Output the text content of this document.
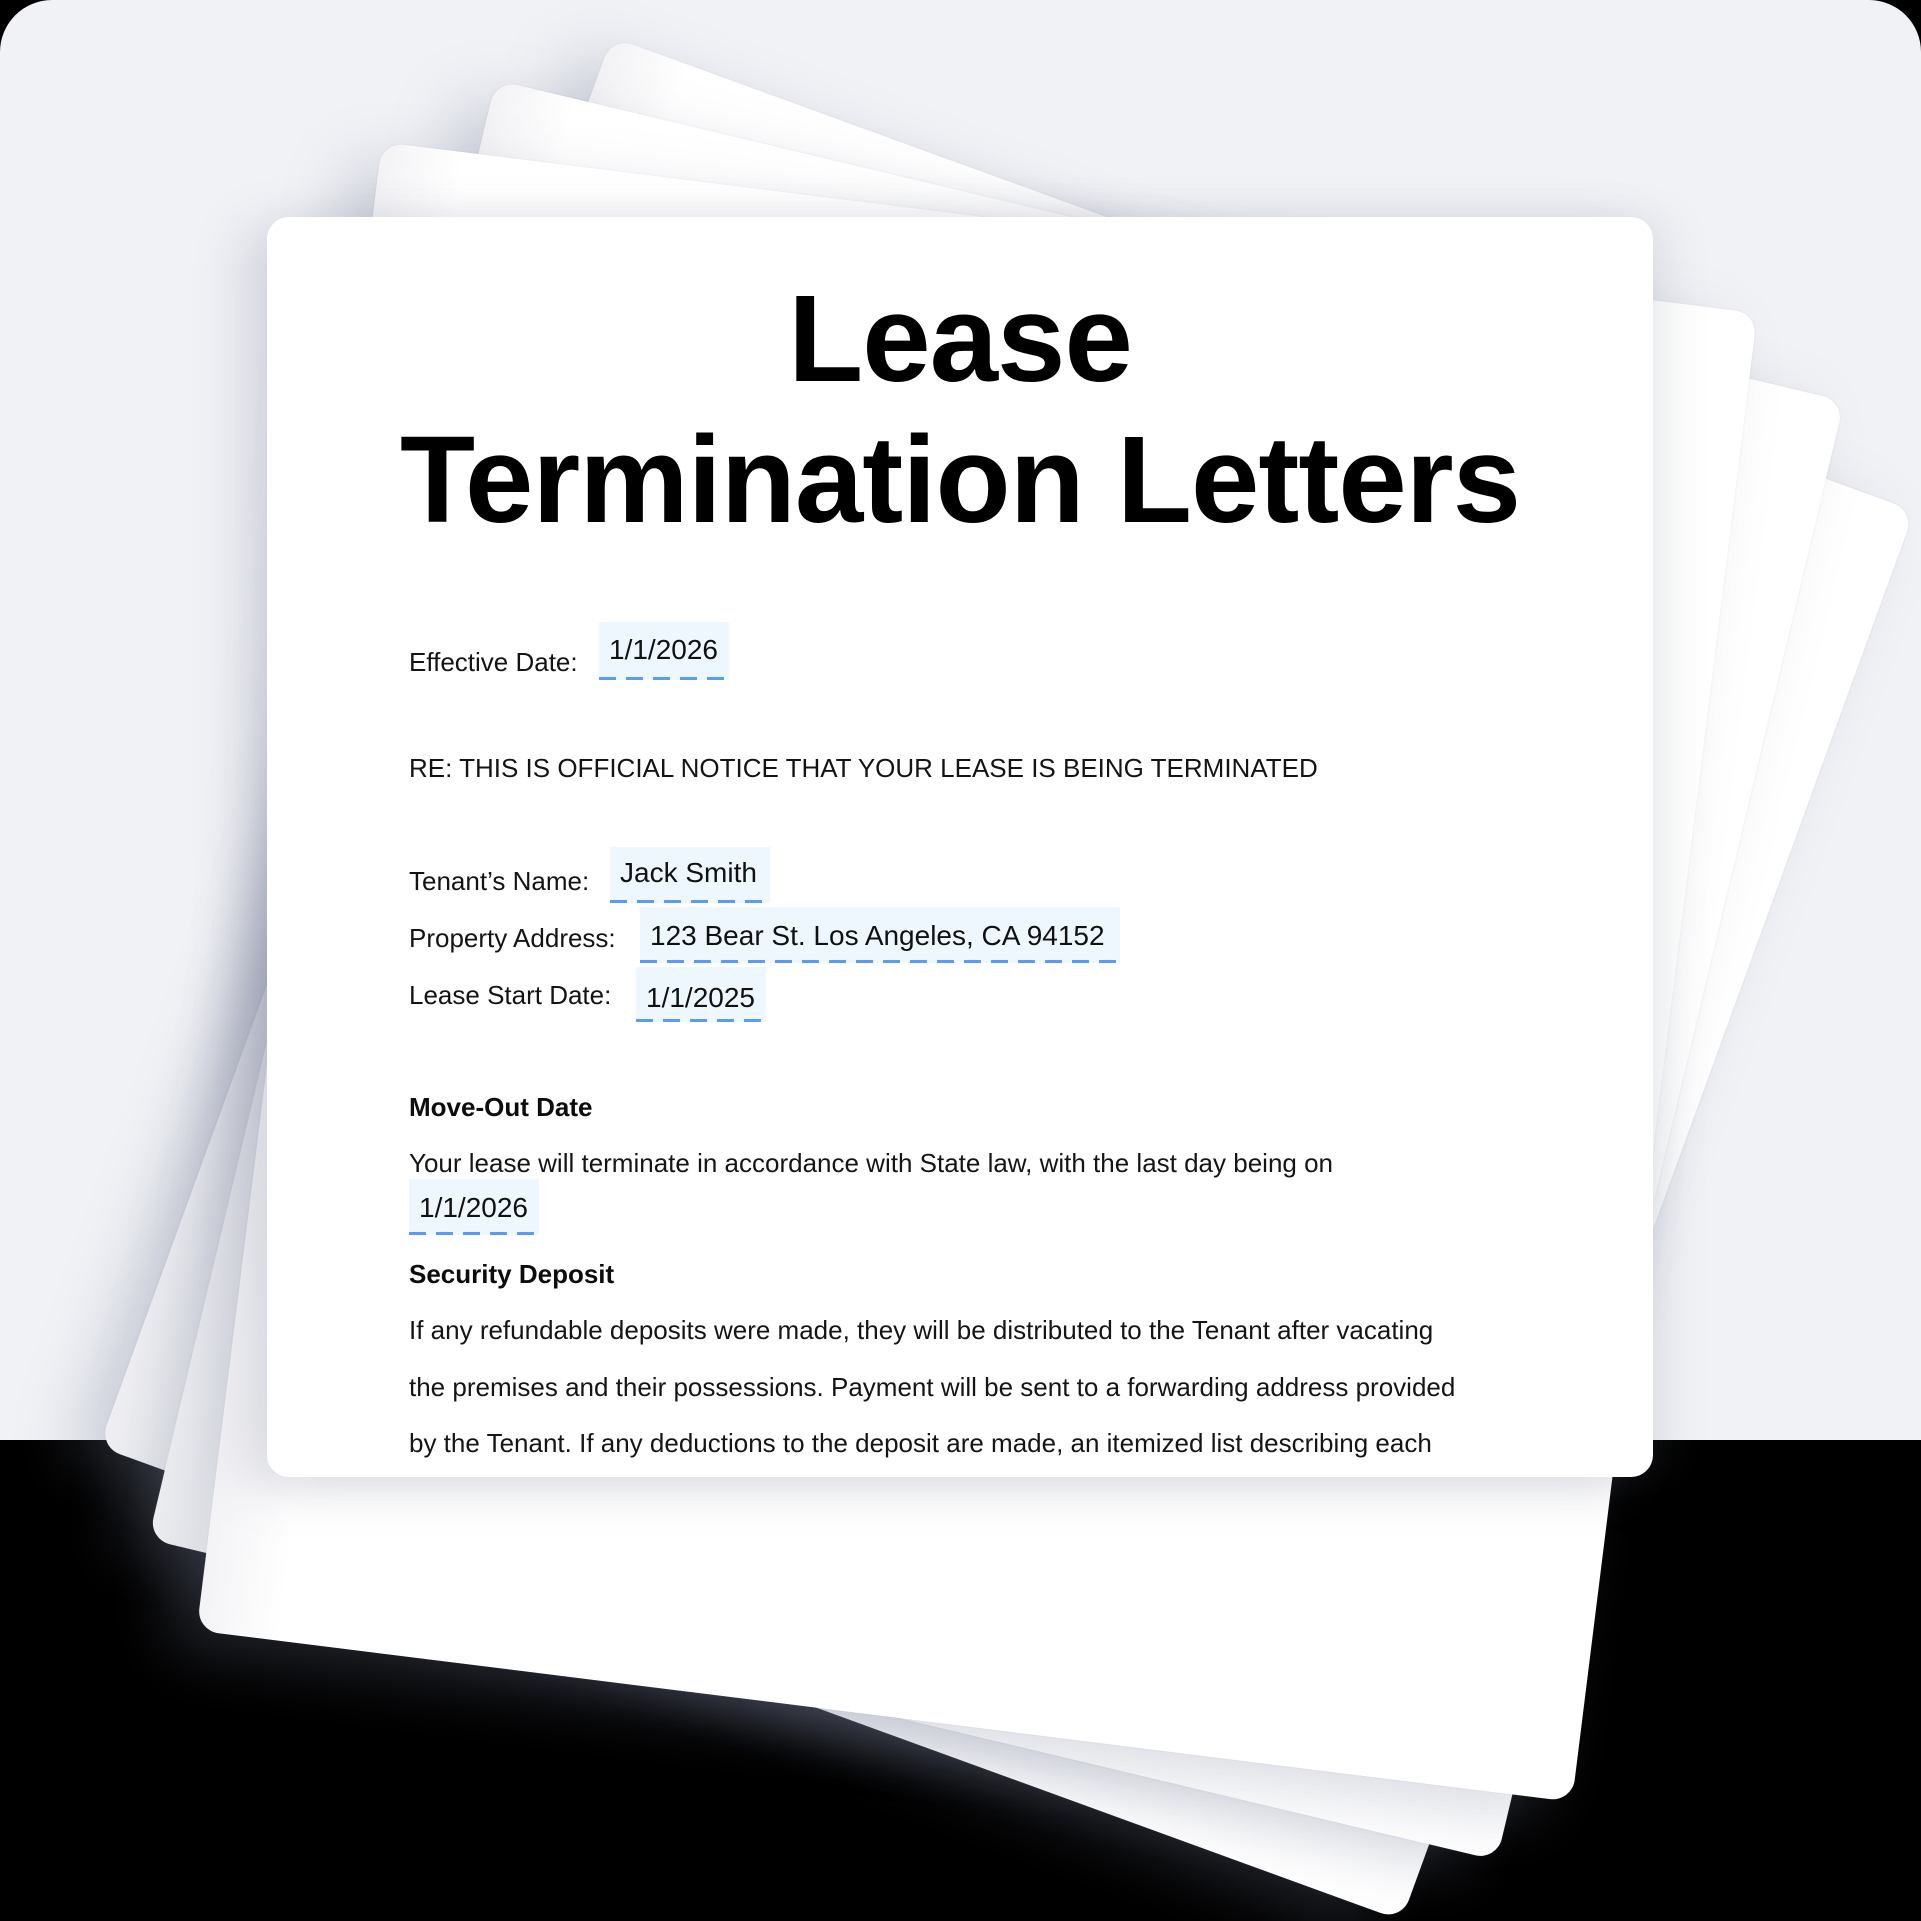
Lease
Termination Letters
Effective Date: 1/1/2026
RE: THIS IS OFFICIAL NOTICE THAT YOUR LEASE IS BEING TERMINATED
Tenant’s Name: Jack Smith
Property Address: 123 Bear St. Los Angeles, CA 94152
Lease Start Date: 1/1/2025
Move-Out Date
Your lease will terminate in accordance with State law, with the last day being on
1/1/2026
Security Deposit
If any refundable deposits were made, they will be distributed to the Tenant after vacating
the premises and their possessions. Payment will be sent to a forwarding address provided
by the Tenant. If any deductions to the deposit are made, an itemized list describing each
